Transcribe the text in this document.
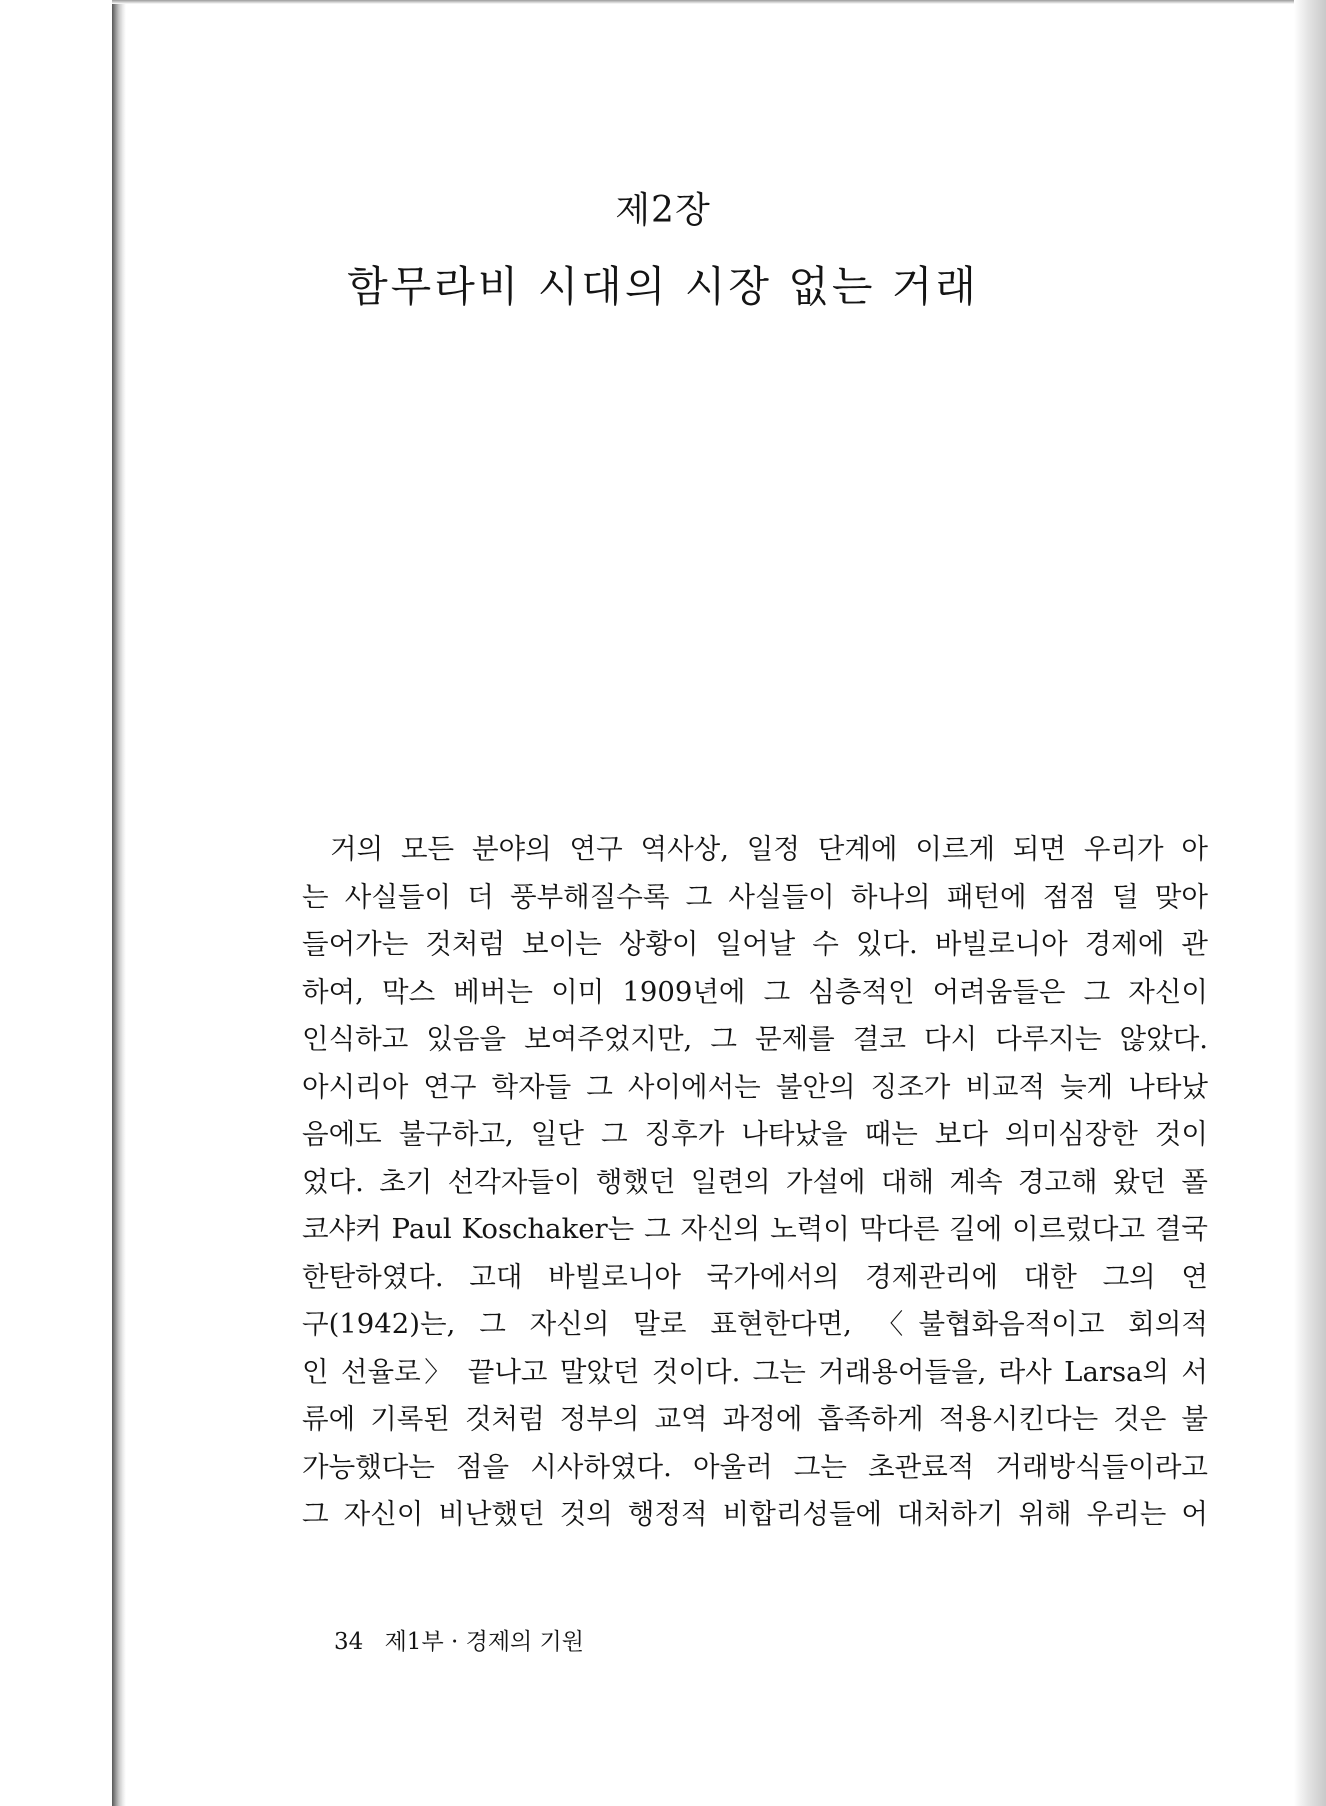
제2장
함무라비 시대의 시장 없는 거래

거의 모든 분야의 연구 역사상, 일정 단계에 이르게 되면 우리가 아
는 사실들이 더 풍부해질수록 그 사실들이 하나의 패턴에 점점 덜 맞아
들어가는 것처럼 보이는 상황이 일어날 수 있다. 바빌로니아 경제에 관
하여, 막스 베버는 이미 1909년에 그 심층적인 어려움들은 그 자신이
인식하고 있음을 보여주었지만, 그 문제를 결코 다시 다루지는 않았다.
아시리아 연구 학자들 그 사이에서는 불안의 징조가 비교적 늦게 나타났
음에도 불구하고, 일단 그 징후가 나타났을 때는 보다 의미심장한 것이
었다. 초기 선각자들이 행했던 일련의 가설에 대해 계속 경고해 왔던 폴
코샤커 Paul Koschaker는 그 자신의 노력이 막다른 길에 이르렀다고 결국
한탄하였다. 고대 바빌로니아 국가에서의 경제관리에 대한 그의 연
구(1942)는, 그 자신의 말로 표현한다면, 〈불협화음적이고 회의적
인 선율로〉 끝나고 말았던 것이다. 그는 거래용어들을, 라사 Larsa의 서
류에 기록된 것처럼 정부의 교역 과정에 흡족하게 적용시킨다는 것은 불
가능했다는 점을 시사하였다. 아울러 그는 초관료적 거래방식들이라고
그 자신이 비난했던 것의 행정적 비합리성들에 대처하기 위해 우리는 어

34 제1부 · 경제의 기원
